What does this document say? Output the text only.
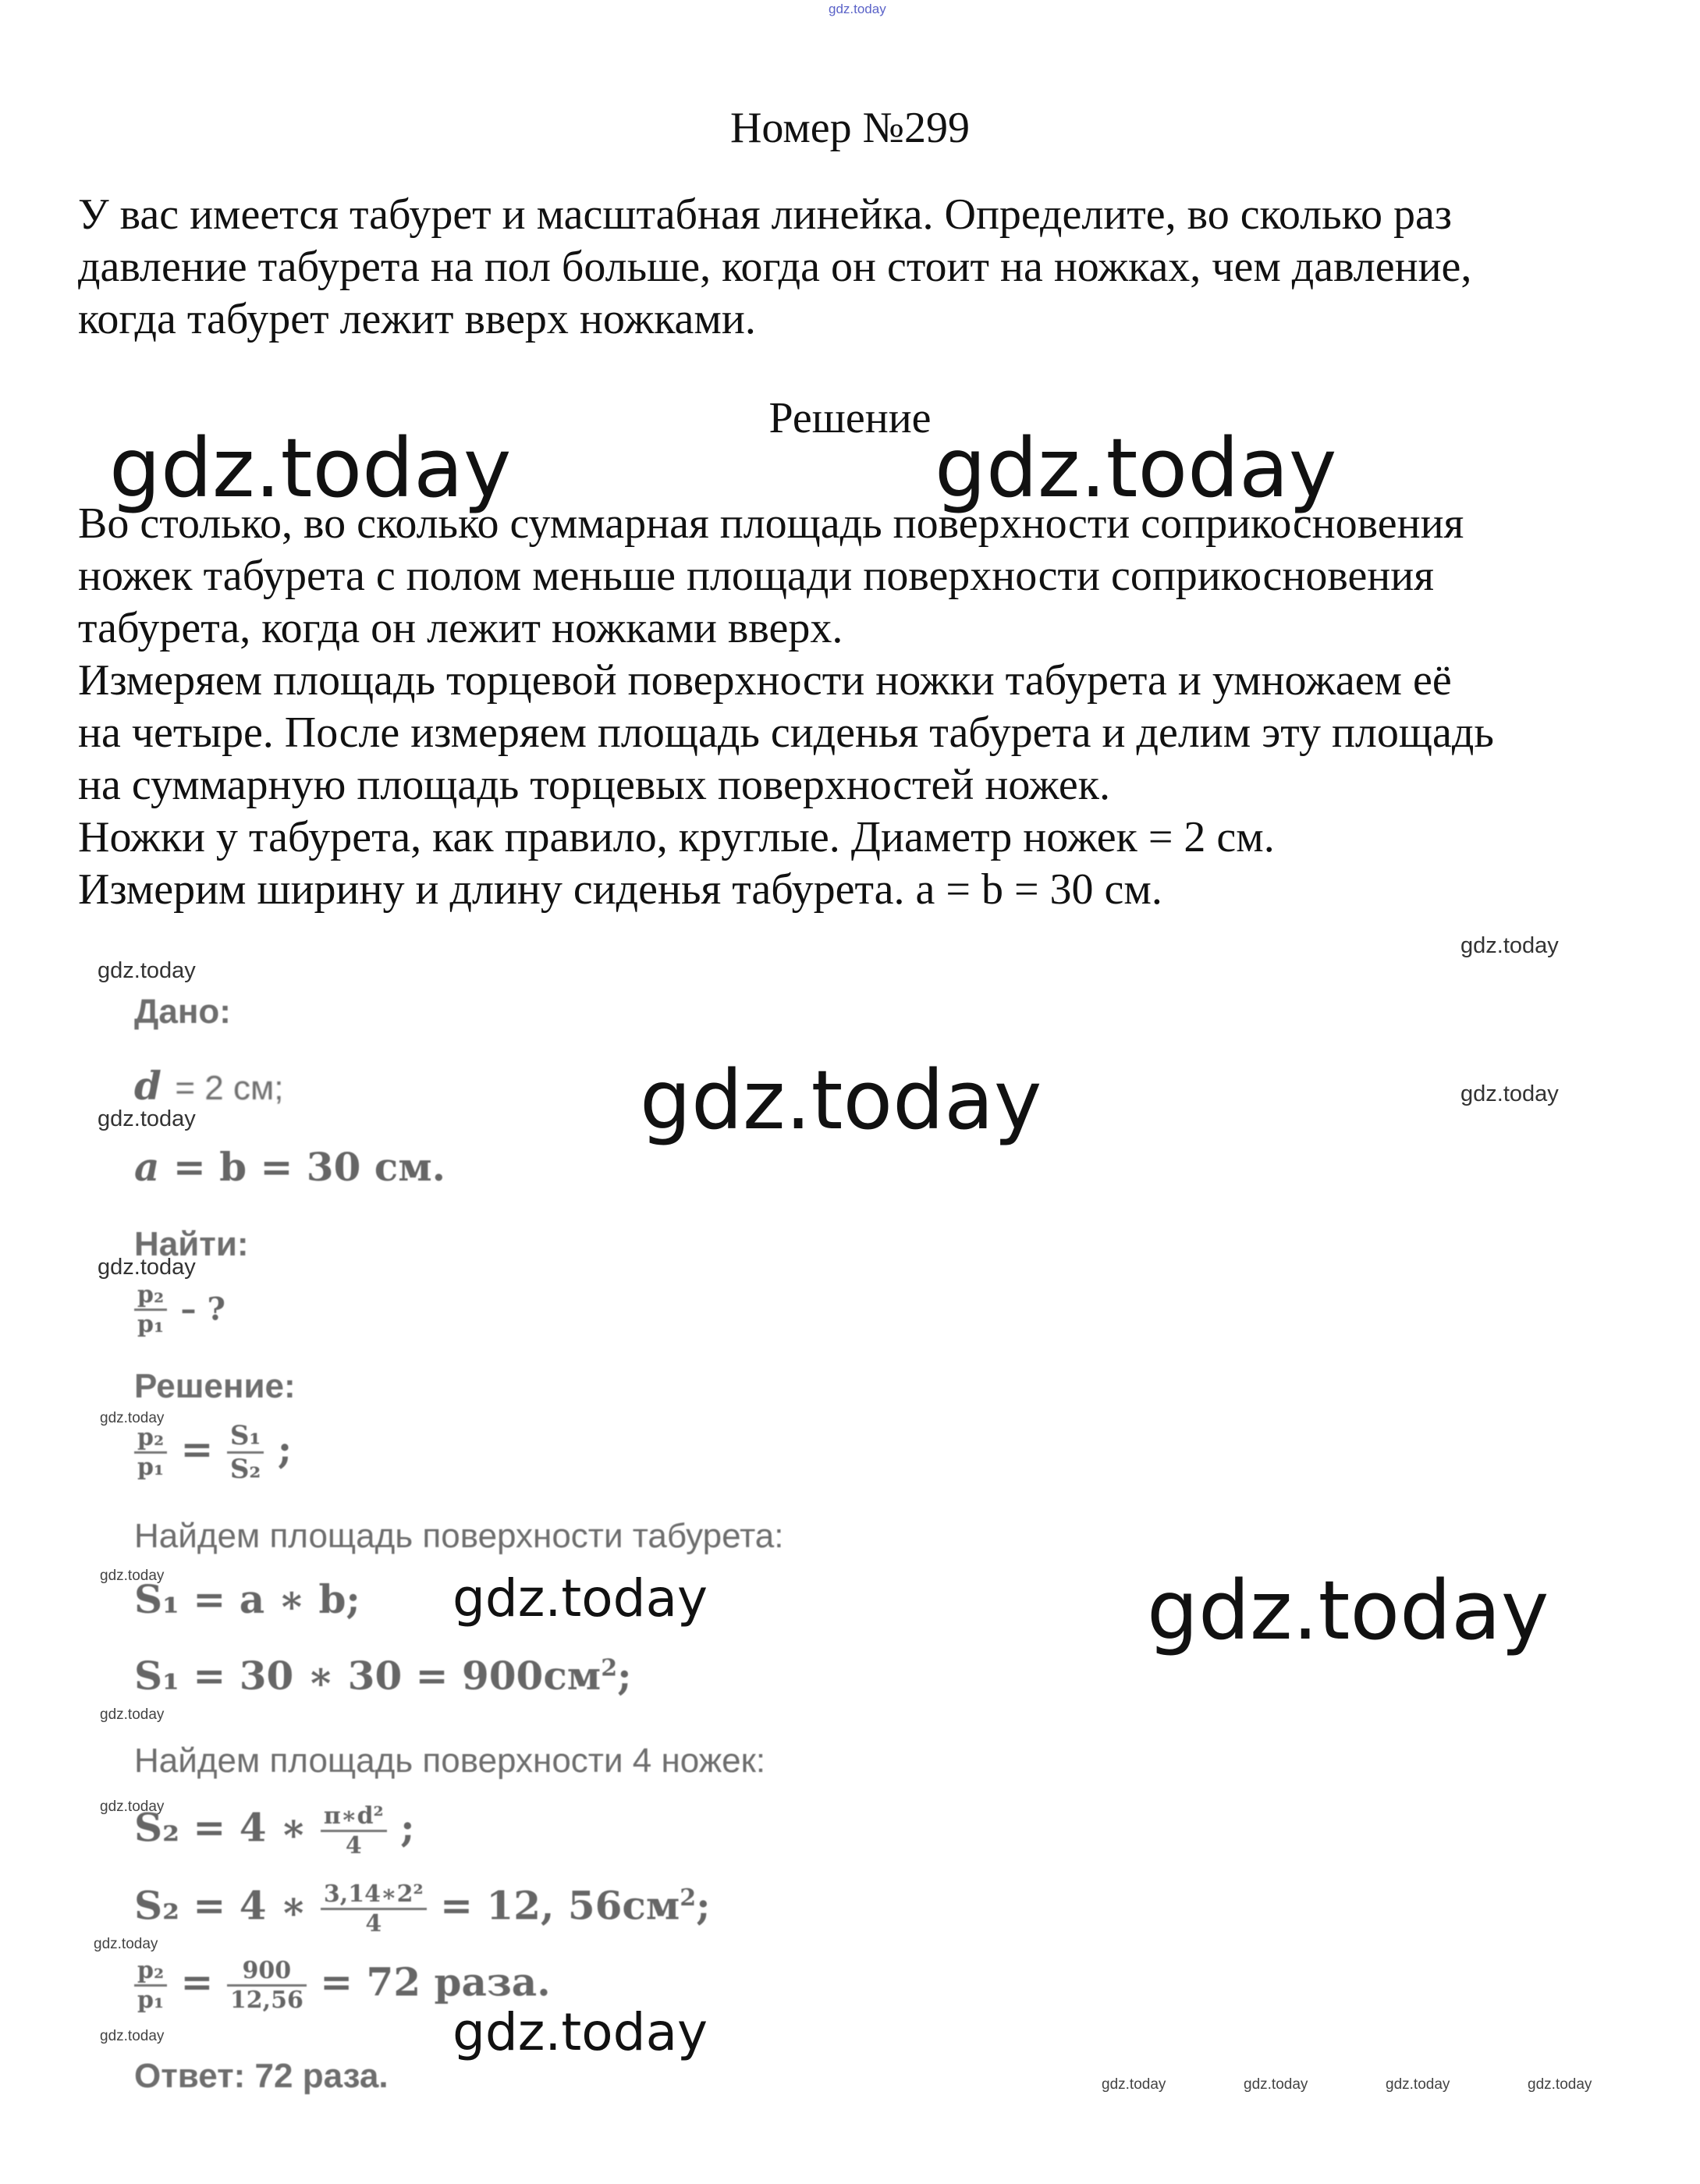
gdz.today
Номер №299
У вас имеется табурет и масштабная линейка. Определите, во сколько раз
давление табурета на пол больше, когда он стоит на ножках, чем давление,
когда табурет лежит вверх ножками.
Решение
Во столько, во сколько суммарная площадь поверхности соприкосновения
ножек табурета с полом меньше площади поверхности соприкосновения
табурета, когда он лежит ножками вверх.
Измеряем площадь торцевой поверхности ножки табурета и умножаем её
на четыре. После измеряем площадь сиденья табурета и делим эту площадь
на суммарную площадь торцевых поверхностей ножек.
Ножки у табурета, как правило, круглые. Диаметр ножек = 2 см.
Измерим ширину и длину сиденья табурета. a = b = 30 см.
gdz.today	gdz.today
gdz.today
gdz.today
gdz.today
gdz.today
gdz.today
gdz.today
gdz.today
gdz.today
gdz.today
gdz.today
gdz.today
gdz.today
gdz.today
gdz.today
gdz.today
gdz.today	gdz.today	gdz.today	gdz.today
Дано:
d = 2 см;
a = b = 30 см.
Найти:
$\frac{\text{p₂}}{\text{p₁}}$ – ?
Решение:
$\frac{\text{p₂}}{\text{p₁}} = \frac{\text{S₁}}{\text{S₂}}$ ;
Найдем площадь поверхности табурета:
S₁ = a ∗ b;
S₁ = 30 ∗ $30 = 900см^2$;
Найдем площадь поверхности 4 ножек:
S₂ = 4 ∗ $\frac{\text{π∗d²}}{4}$ ;
S₂ = 4 ∗ $\frac{\text{3,14∗2²}}{4} = 12$, $56см^2$;
$\frac{\text{p₂}}{\text{p₁}} = \frac{900}{12,56} = 72$ раза.
Ответ: 72 раза.
